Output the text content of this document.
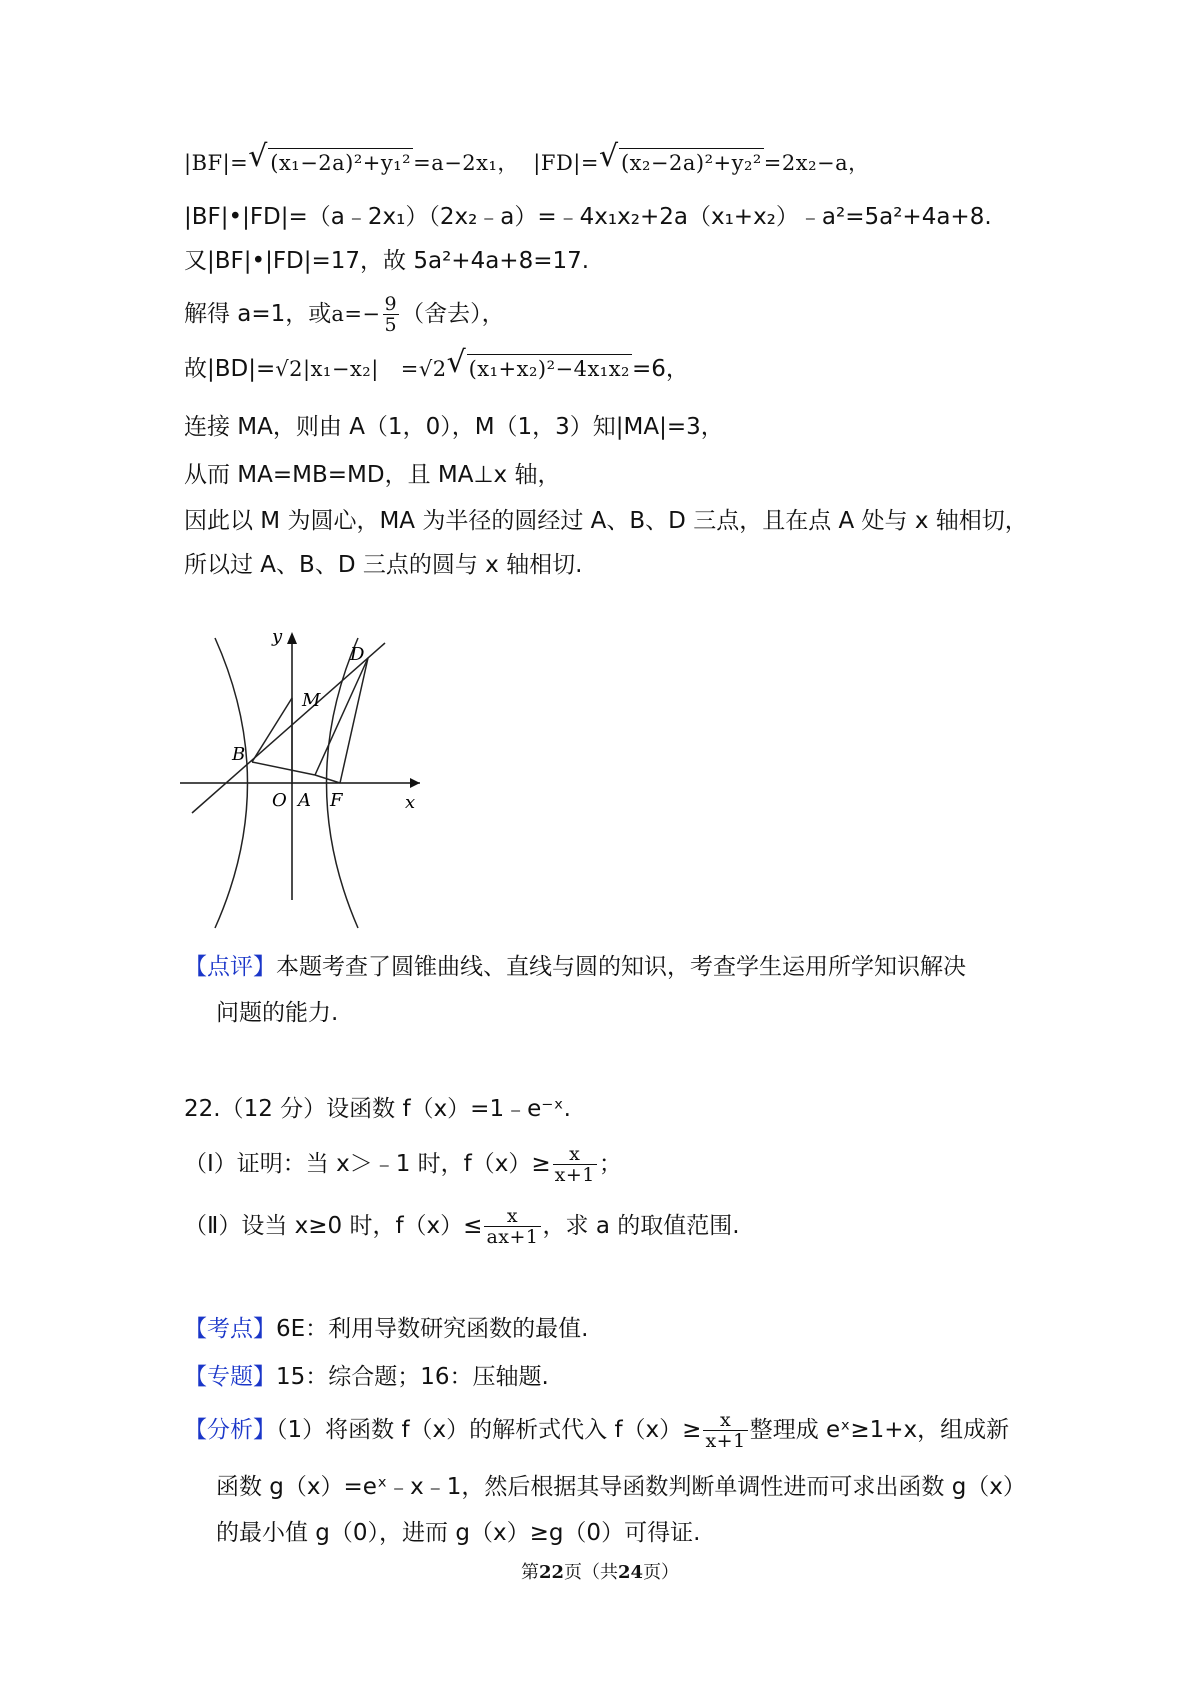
|BF|= √ (x₁−2a)²+y₁²=a−2x₁， |FD|= √ (x₂−2a)²+y₂²=2x₂−a，
|BF|•|FD|=（a﹣2x₁）（2x₂﹣a）=﹣4x₁x₂+2a（x₁+x₂）﹣a²=5a²+4a+8.
又|BF|•|FD|=17，故 5a²+4a+8=17.
解得 a=1，或$a=- \frac{9}{5}$ （舍去），
故|BD|=√2|x₁−x₂| =√2 √ (x₁+x₂)²−4x₁x₂=6，
连接 MA，则由 A（1，0），M（1，3）知|MA|=3，
从而 MA=MB=MD，且 MA⊥x 轴，
因此以 M 为圆心，MA 为半径的圆经过 A、B、D 三点，且在点 A 处与 x 轴相切，
所以过 A、B、D 三点的圆与 x 轴相切.
y
x
O A F
B
M
D
【点评】本题考查了圆锥曲线、直线与圆的知识，考查学生运用所学知识解决
问题的能力.
22.（12 分）设函数 f（x）=1﹣e⁻ˣ.
（Ⅰ）证明：当 x＞﹣1 时，$f(x)\ge \frac{x}{x+1}$ ；
（Ⅱ）设当 x≥0 时，$f(x)\le \frac{x}{ax+1}$ ，求 a 的取值范围.
【考点】6E：利用导数研究函数的最值.
【专题】15：综合题；16：压轴题.
【分析】（1）将函数 f（x）的解析式代入 $f(x)\ge \frac{x}{x+1}$ 整理成 eˣ≥1+x，组成新
函数 g（x）=eˣ﹣x﹣1，然后根据其导函数判断单调性进而可求出函数 g（x）
的最小值 g（0），进而 g（x）≥g（0）可得证.
第22页（共24页）
